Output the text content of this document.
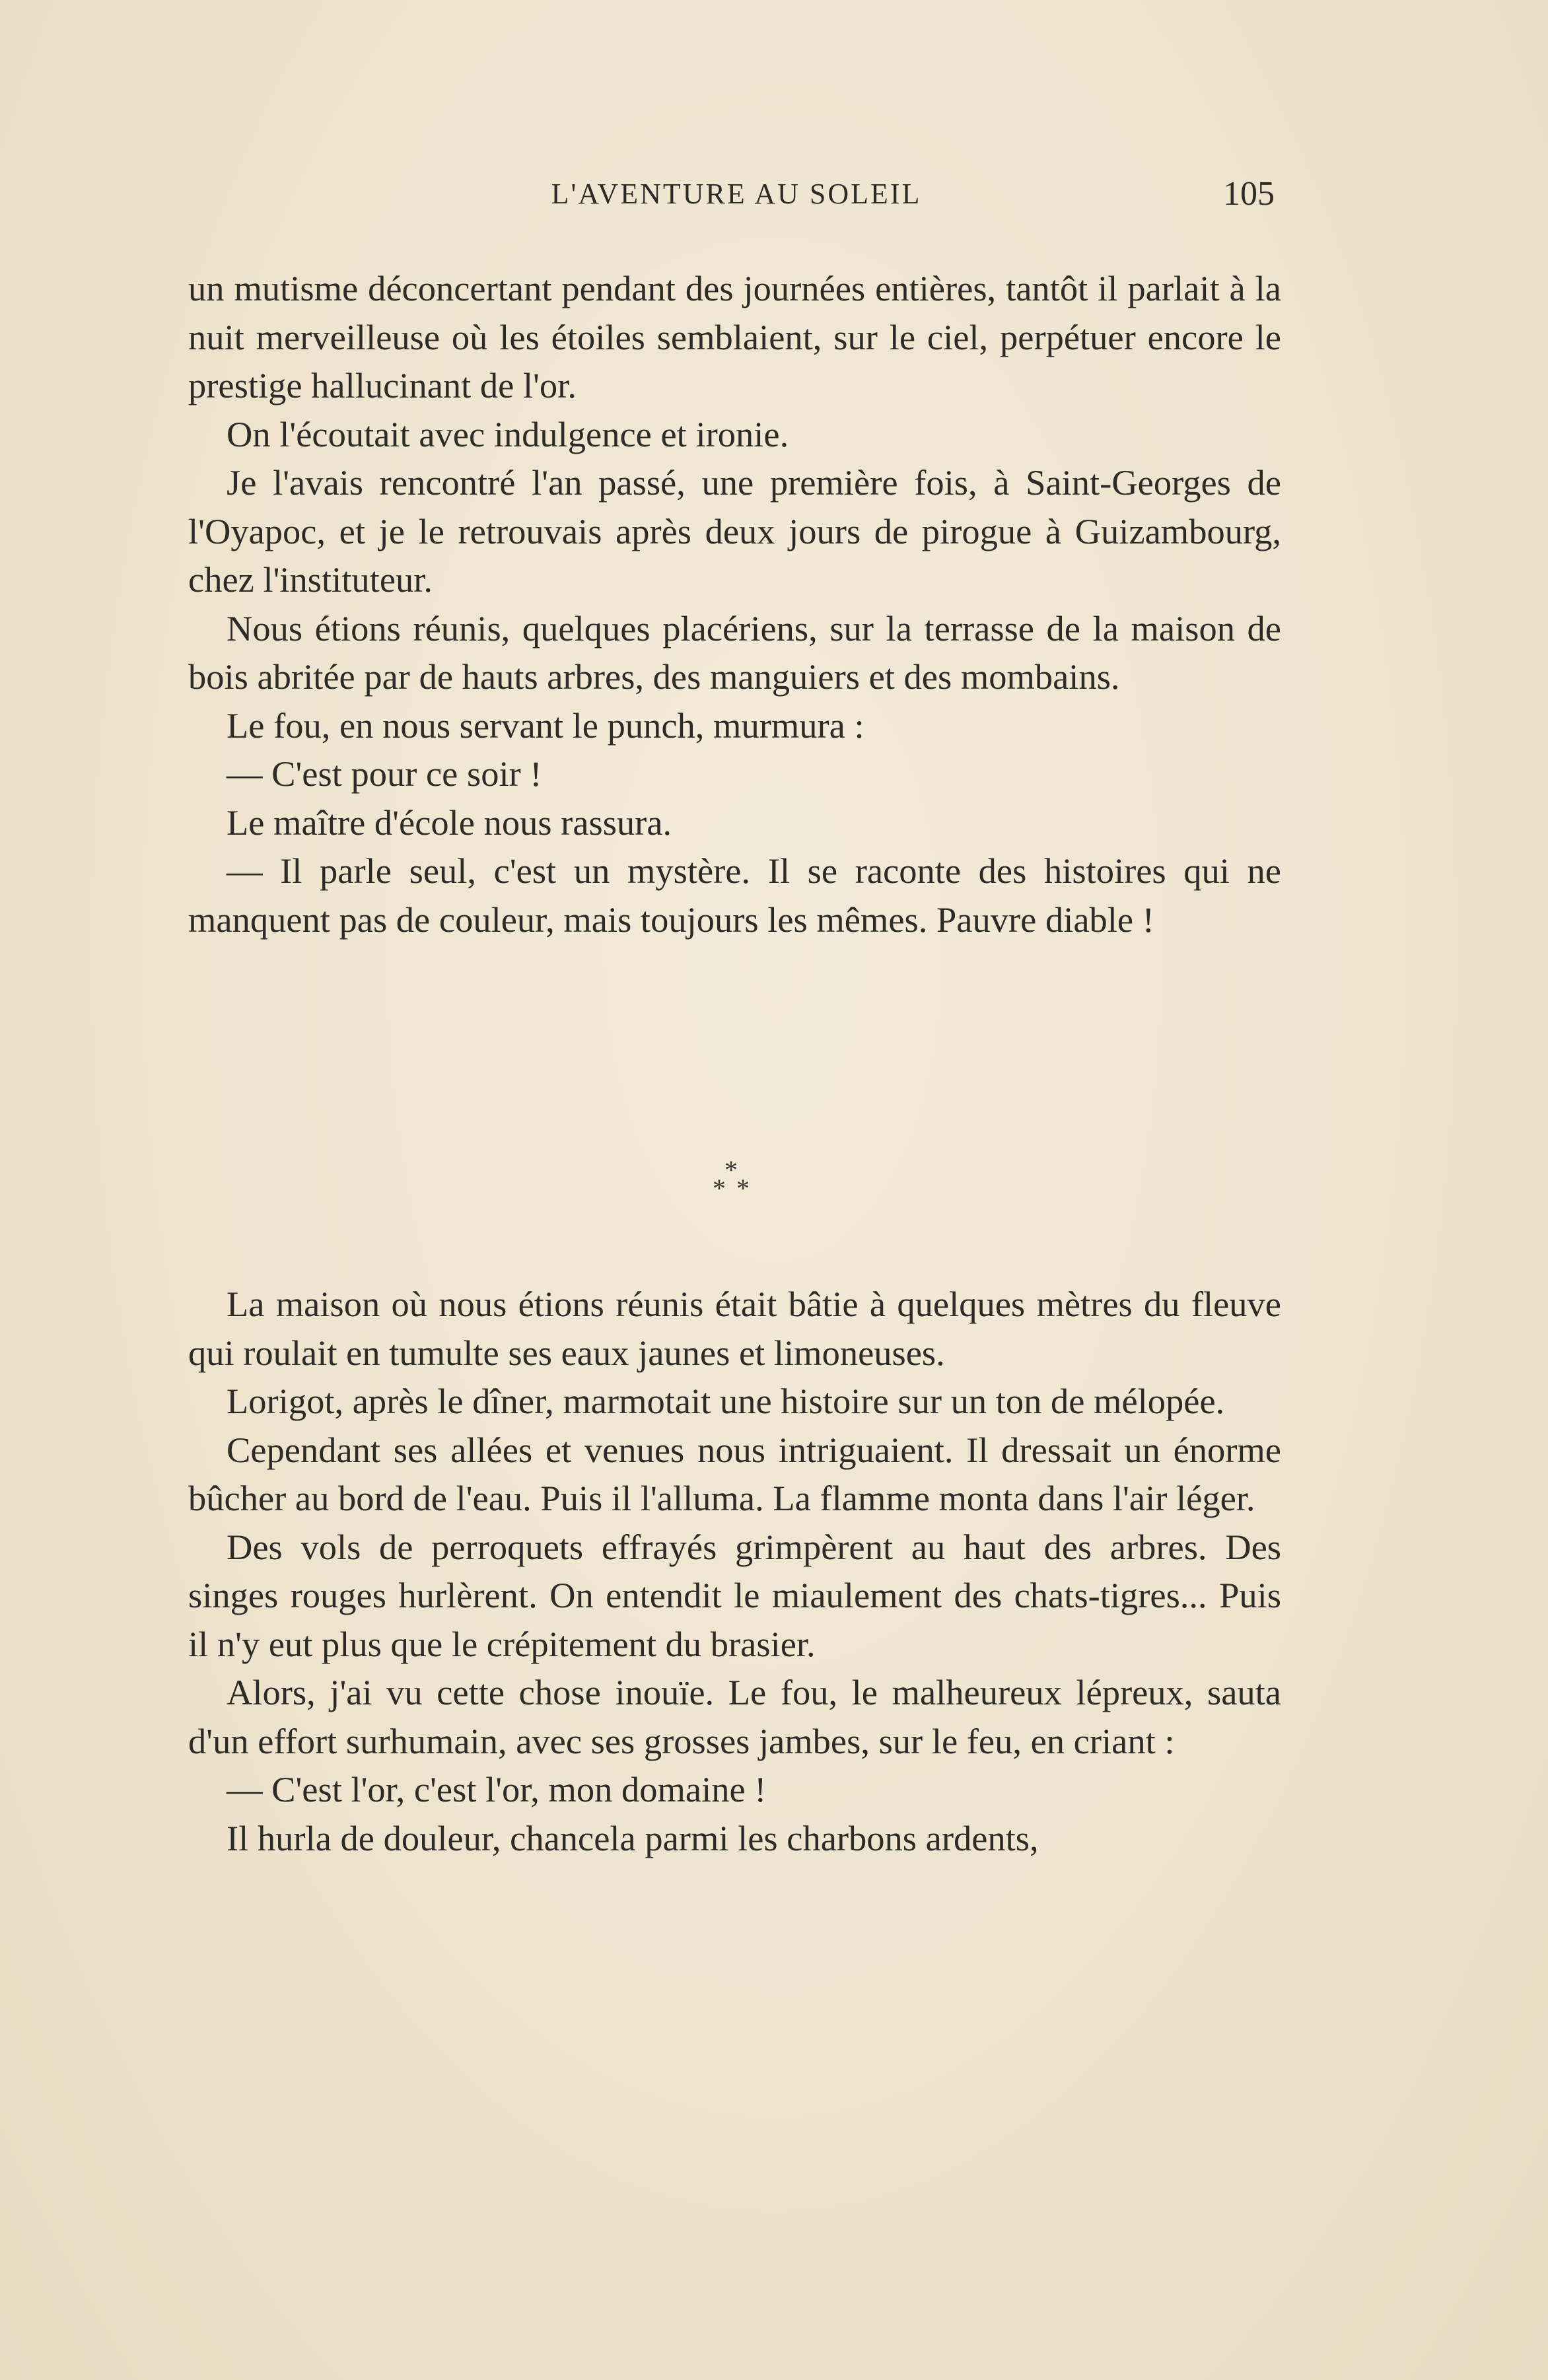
L'AVENTURE AU SOLEIL	105

un mutisme déconcertant pendant des journées entières, tantôt il parlait à la nuit merveilleuse où les étoiles semblaient, sur le ciel, perpétuer encore le prestige hallucinant de l'or.

On l'écoutait avec indulgence et ironie.

Je l'avais rencontré l'an passé, une première fois, à Saint-Georges de l'Oyapoc, et je le retrouvais après deux jours de pirogue à Guizambourg, chez l'instituteur.

Nous étions réunis, quelques placériens, sur la terrasse de la maison de bois abritée par de hauts arbres, des manguiers et des mombains.

Le fou, en nous servant le punch, murmura :

— C'est pour ce soir !

Le maître d'école nous rassura.

— Il parle seul, c'est un mystère. Il se raconte des histoires qui ne manquent pas de couleur, mais toujours les mêmes. Pauvre diable !

*
* *

La maison où nous étions réunis était bâtie à quelques mètres du fleuve qui roulait en tumulte ses eaux jaunes et limoneuses.

Lorigot, après le dîner, marmotait une histoire sur un ton de mélopée.

Cependant ses allées et venues nous intriguaient. Il dressait un énorme bûcher au bord de l'eau. Puis il l'alluma. La flamme monta dans l'air léger.

Des vols de perroquets effrayés grimpèrent au haut des arbres. Des singes rouges hurlèrent. On entendit le miaulement des chats-tigres... Puis il n'y eut plus que le crépitement du brasier.

Alors, j'ai vu cette chose inouïe. Le fou, le malheureux lépreux, sauta d'un effort surhumain, avec ses grosses jambes, sur le feu, en criant :

— C'est l'or, c'est l'or, mon domaine !

Il hurla de douleur, chancela parmi les charbons ardents,
